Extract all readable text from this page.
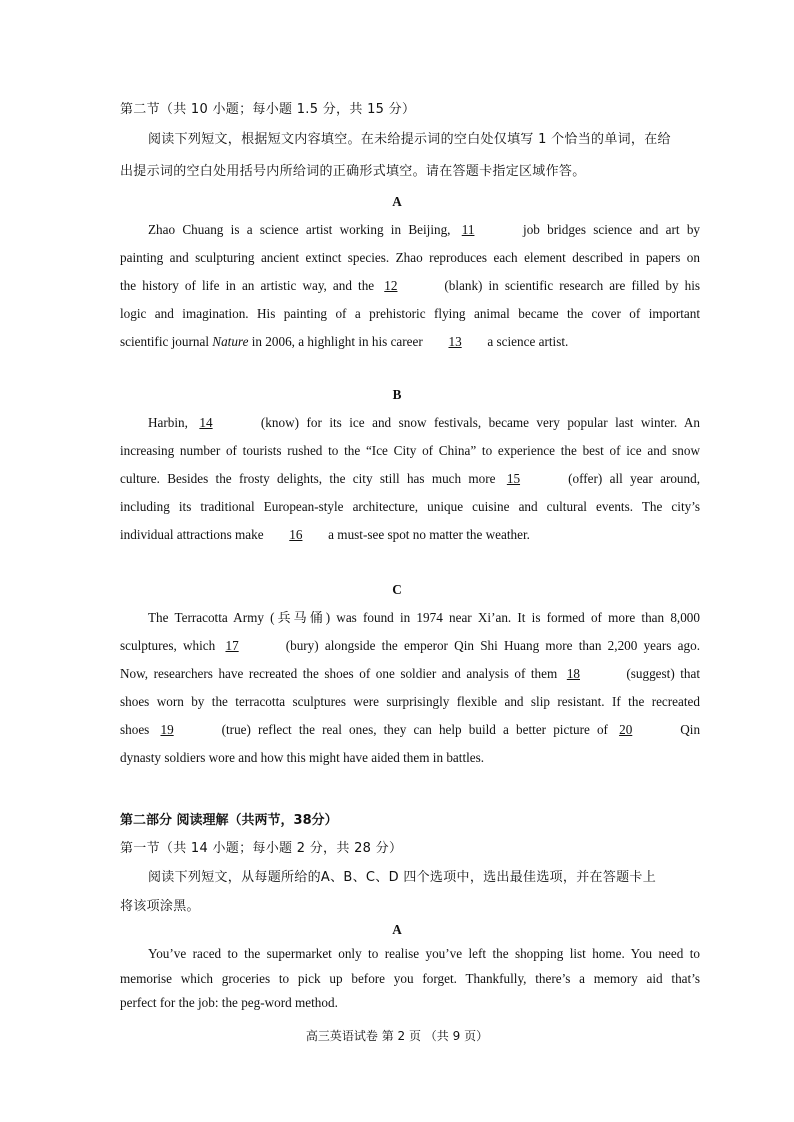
第二节（共 10 小题；每小题 1.5 分，共 15 分）
阅读下列短文，根据短文内容填空。在未给提示词的空白处仅填写 1 个恰当的单词，在给
出提示词的空白处用括号内所给词的正确形式填空。请在答题卡指定区域作答。
A
Zhao Chuang is a science artist working in Beijing, 11	job bridges science and art by
painting and sculpturing ancient extinct species. Zhao reproduces each element described in papers on
the history of life in an artistic way, and the 12	(blank) in scientific research are filled by his
logic and imagination. His painting of a prehistoric flying animal became the cover of important
scientific journal Nature in 2006, a highlight in his career 13 a science artist.
B
Harbin, 14	(know) for its ice and snow festivals, became very popular last winter. An
increasing number of tourists rushed to the “Ice City of China” to experience the best of ice and snow
culture. Besides the frosty delights, the city still has much more 15	(offer) all year around,
including its traditional European-style architecture, unique cuisine and cultural events. The city’s
individual attractions make 16 a must-see spot no matter the weather.
C
The Terracotta Army (兵马俑) was found in 1974 near Xi’an. It is formed of more than 8,000
sculptures, which 17	(bury) alongside the emperor Qin Shi Huang more than 2,200 years ago.
Now, researchers have recreated the shoes of one soldier and analysis of them 18	(suggest) that
shoes worn by the terracotta sculptures were surprisingly flexible and slip resistant. If the recreated
shoes 19	(true) reflect the real ones, they can help build a better picture of 20	Qin
dynasty soldiers wore and how this might have aided them in battles.
第二部分 阅读理解（共两节，38分）
第一节（共 14 小题；每小题 2 分，共 28 分）
阅读下列短文，从每题所给的A、B、C、D 四个选项中，选出最佳选项，并在答题卡上
将该项涂黑。
A
You’ve raced to the supermarket only to realise you’ve left the shopping list home. You need to
memorise which groceries to pick up before you forget. Thankfully, there’s a memory aid that’s
perfect for the job: the peg-word method.
高三英语试卷 第 2 页 （共 9 页）
